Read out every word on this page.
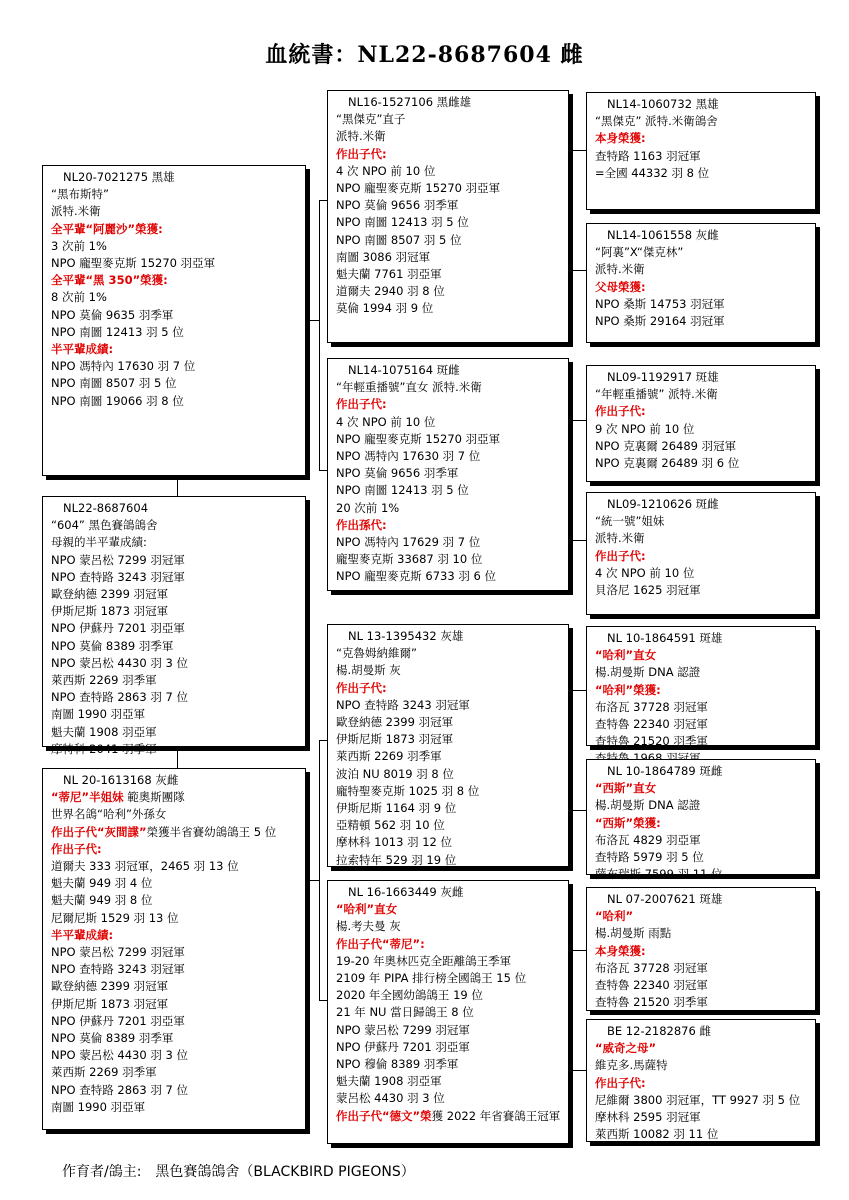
血統書：NL22-8687604 雌
NL20-7021275 黑雄
“黑布斯特”
派特.米衛
全平輩“阿麗沙”榮獲:
3 次前 1%
NPO 龐聖麥克斯 15270 羽亞軍
全平輩“黑 350”榮獲:
8 次前 1%
NPO 莫倫 9635 羽季軍
NPO 南圖 12413 羽 5 位
半平輩成績:
NPO 馮特內 17630 羽 7 位
NPO 南圖 8507 羽 5 位
NPO 南圖 19066 羽 8 位
NL22-8687604
“604” 黑色賽鴿鴿舍
母親的半平輩成績:
NPO 蒙呂松 7299 羽冠軍
NPO 查特路 3243 羽冠軍
歐登納德 2399 羽冠軍
伊斯尼斯 1873 羽冠軍
NPO 伊蘇丹 7201 羽亞軍
NPO 莫倫 8389 羽季軍
NPO 蒙呂松 4430 羽 3 位
萊西斯 2269 羽季軍
NPO 查特路 2863 羽 7 位
南圖 1990 羽亞軍
魁夫蘭 1908 羽亞軍
摩特科 2041 羽季軍
NL 20-1613168 灰雌
“蒂尼”半姐妹 範奧斯團隊
世界名鴿“哈利”外孫女
作出子代“灰間諜”榮獲半省賽幼鴿鴿王 5 位
作出子代:
道爾夫 333 羽冠軍，2465 羽 13 位
魁夫蘭 949 羽 4 位
魁夫蘭 949 羽 8 位
尼爾尼斯 1529 羽 13 位
半平輩成績:
NPO 蒙呂松 7299 羽冠軍
NPO 查特路 3243 羽冠軍
歐登納德 2399 羽冠軍
伊斯尼斯 1873 羽冠軍
NPO 伊蘇丹 7201 羽亞軍
NPO 莫倫 8389 羽季軍
NPO 蒙呂松 4430 羽 3 位
萊西斯 2269 羽季軍
NPO 查特路 2863 羽 7 位
南圖 1990 羽亞軍
NL16-1527106 黑雌雄
“黑傑克”直子
派特.米衛
作出子代:
4 次 NPO 前 10 位
NPO 龐聖麥克斯 15270 羽亞軍
NPO 莫倫 9656 羽季軍
NPO 南圖 12413 羽 5 位
NPO 南圖 8507 羽 5 位
南圖 3086 羽冠軍
魁夫蘭 7761 羽亞軍
道爾夫 2940 羽 8 位
莫倫 1994 羽 9 位
NL14-1075164 斑雌
“年輕重播號”直女 派特.米衛
作出子代:
4 次 NPO 前 10 位
NPO 龐聖麥克斯 15270 羽亞軍
NPO 馮特內 17630 羽 7 位
NPO 莫倫 9656 羽季軍
NPO 南圖 12413 羽 5 位
20 次前 1%
作出孫代:
NPO 馮特內 17629 羽 7 位
龐聖麥克斯 33687 羽 10 位
NPO 龐聖麥克斯 6733 羽 6 位
NL 13-1395432 灰雄
“克魯姆納維爾”
楊.胡曼斯 灰
作出子代:
NPO 查特路 3243 羽冠軍
歐登納德 2399 羽冠軍
伊斯尼斯 1873 羽冠軍
萊西斯 2269 羽季軍
波泊 NU 8019 羽 8 位
龐特聖麥克斯 1025 羽 8 位
伊斯尼斯 1164 羽 9 位
亞精頓 562 羽 10 位
摩林科 1013 羽 12 位
拉索特年 529 羽 19 位
NL 16-1663449 灰雌
“哈利”直女
楊.考夫曼 灰
作出子代“蒂尼”:
19-20 年奧林匹克全距離鴿王季軍
2109 年 PIPA 排行榜全國鴿王 15 位
2020 年全國幼鴿鴿王 19 位
21 年 NU 當日歸鴿王 8 位
NPO 蒙呂松 7299 羽冠軍
NPO 伊蘇丹 7201 羽亞軍
NPO 穆倫 8389 羽季軍
魁夫蘭 1908 羽亞軍
蒙呂松 4430 羽 3 位
作出子代“德文”榮獲 2022 年省賽鴿王冠軍
NL14-1060732 黑雄
“黑傑克” 派特.米衛鴿舍
本身榮獲:
查特路 1163 羽冠軍
=全國 44332 羽 8 位
NL14-1061558 灰雌
“阿裏”X“傑克林”
派特.米衛
父母榮獲:
NPO 桑斯 14753 羽冠軍
NPO 桑斯 29164 羽冠軍
NL09-1192917 斑雄
“年輕重播號” 派特.米衛
作出子代:
9 次 NPO 前 10 位
NPO 克裏爾 26489 羽冠軍
NPO 克裏爾 26489 羽 6 位
NL09-1210626 斑雌
“統一號”姐妹
派特.米衛
作出子代:
4 次 NPO 前 10 位
貝洛尼 1625 羽冠軍
NL 10-1864591 斑雄
“哈利”直女
楊.胡曼斯 DNA 認證
“哈利”榮獲:
布洛瓦 37728 羽冠軍
查特魯 22340 羽冠軍
查特魯 21520 羽季軍
NL 10-1864789 斑雌
“西斯”直女
楊.胡曼斯 DNA 認證
“西斯”榮獲:
布洛瓦 4829 羽亞軍
查特路 5979 羽 5 位
薩布瑞斯 7599 羽 11 位
NL 07-2007621 斑雄
“哈利”
楊.胡曼斯 雨點
本身榮獲:
布洛瓦 37728 羽冠軍
查特魯 22340 羽冠軍
查特魯 21520 羽季軍
BE 12-2182876 雌
“威奇之母”
維克多.馬薩特
作出子代:
尼維爾 3800 羽冠軍，TT 9927 羽 5 位
摩林科 2595 羽冠軍
萊西斯 10082 羽 11 位
作育者/鴿主:　黑色賽鴿鴿舍（BLACKBIRD PIGEONS）
